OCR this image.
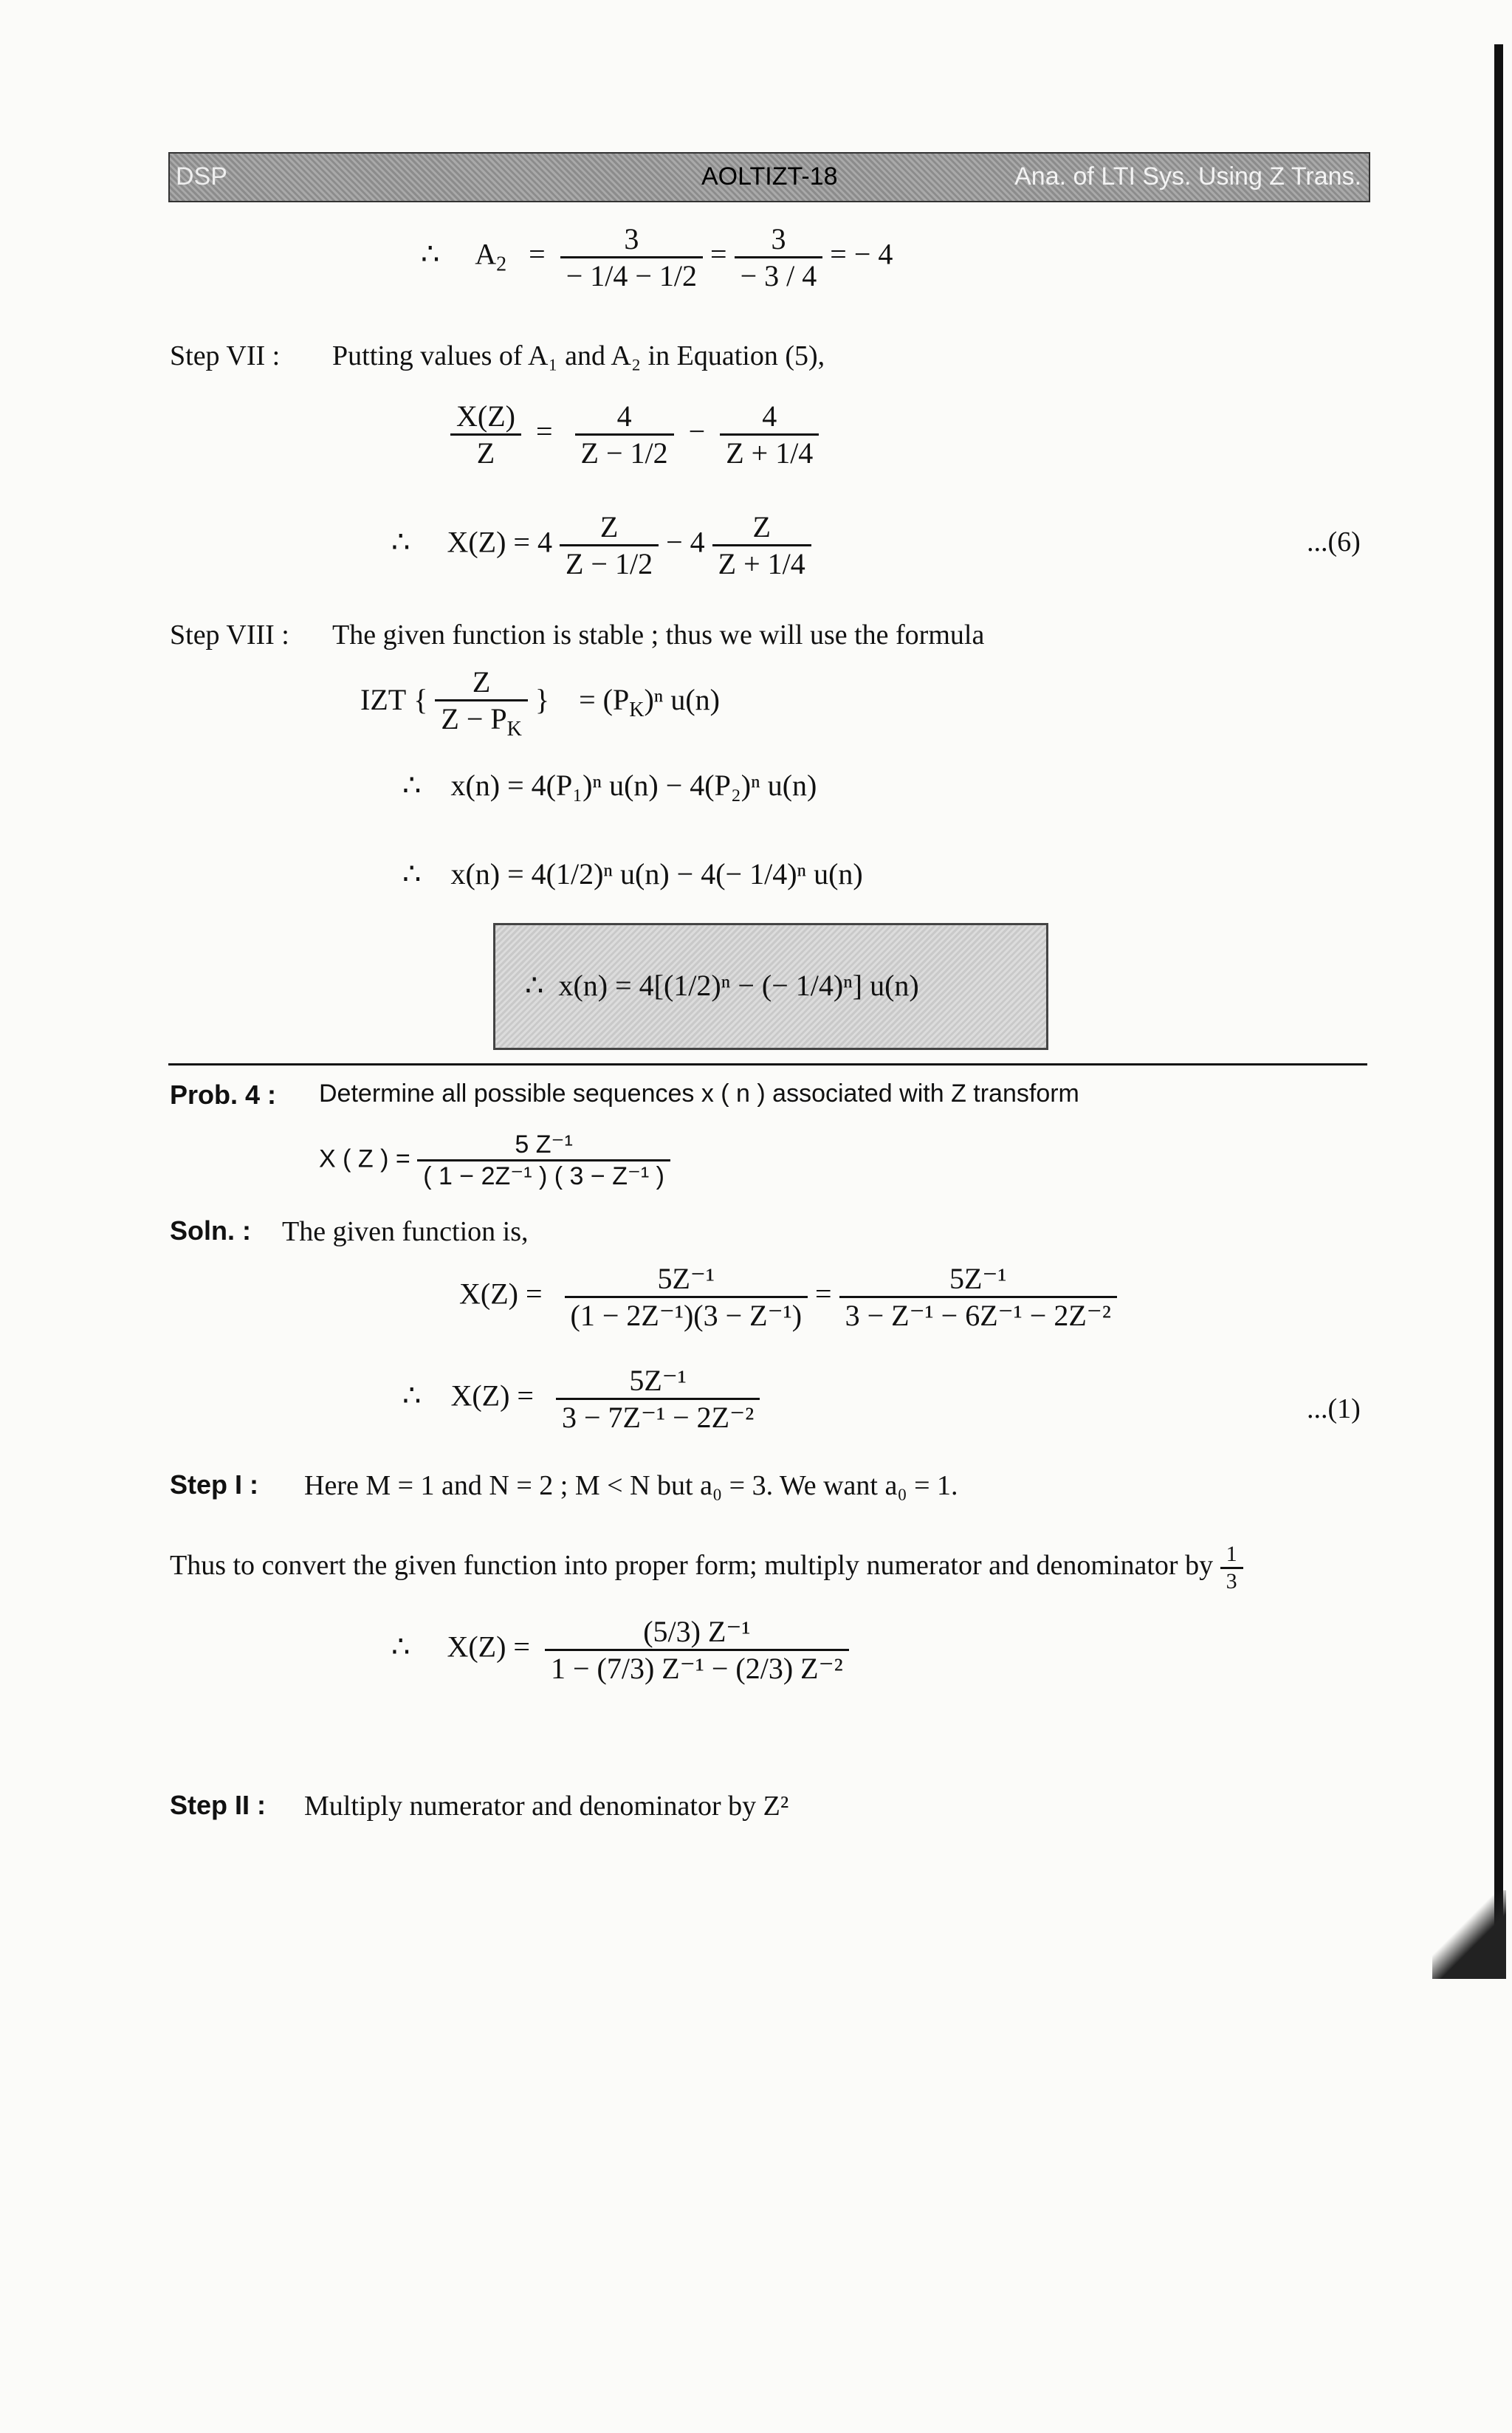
DSP	AOLTIZT-18	Ana. of LTI Sys. Using Z Trans.
∴ $A_2 = \frac{3}{- 1/4 - 1/2} = \frac{3}{- 3 / 4}$ = − 4
Step VII : Putting values of A₁ and A₂ in Equation (5),
$\frac{X(Z)}{Z} = \frac{4}{Z - 1/2} - \frac{4}{Z + 1/4}$
∴ $X(Z) = 4 \frac{Z}{Z - 1/2} - 4 \frac{Z}{Z + 1/4}$	...(6)
Step VIII : The given function is stable ; thus we will use the formula
IZT { $\frac{Z}{Z - P_K}$ }    = $(P_K)^n$ u(n)
∴ x(n) = 4(P₁)ⁿ u(n) − 4(P₂)ⁿ u(n)
∴ x(n) = 4(1/2)ⁿ u(n) − 4(− 1/4)ⁿ u(n)
∴ x(n) = 4[(1/2)ⁿ − (− 1/4)ⁿ] u(n)
Prob. 4 : Determine all possible sequences x ( n ) associated with Z transform
X ( Z ) = $\frac{\text{5 Z⁻¹}}{\text{( 1 − 2Z⁻¹ ) ( 3 − Z⁻¹ )}}$
Soln. : The given function is,
$X(Z) = \frac{\text{5Z⁻¹}}{\text{(1 − 2Z⁻¹)(3 − Z⁻¹)}} = \frac{\text{5Z⁻¹}}{\text{3 − Z⁻¹ − 6Z⁻¹ − 2Z⁻²}}$
∴ $X(Z) = \frac{\text{5Z⁻¹}}{\text{3 − 7Z⁻¹ − 2Z⁻²}}$	...(1)
Step I : Here M = 1 and N = 2 ; M < N but a₀ = 3. We want a₀ = 1.
Thus to convert the given function into proper form; multiply numerator and denominator by $\frac{1}{3}$
∴ $X(Z) = \frac{\text{(5/3) Z⁻¹}}{\text{1 − (7/3) Z⁻¹ − (2/3) Z⁻²}}$
Step II : Multiply numerator and denominator by Z²
